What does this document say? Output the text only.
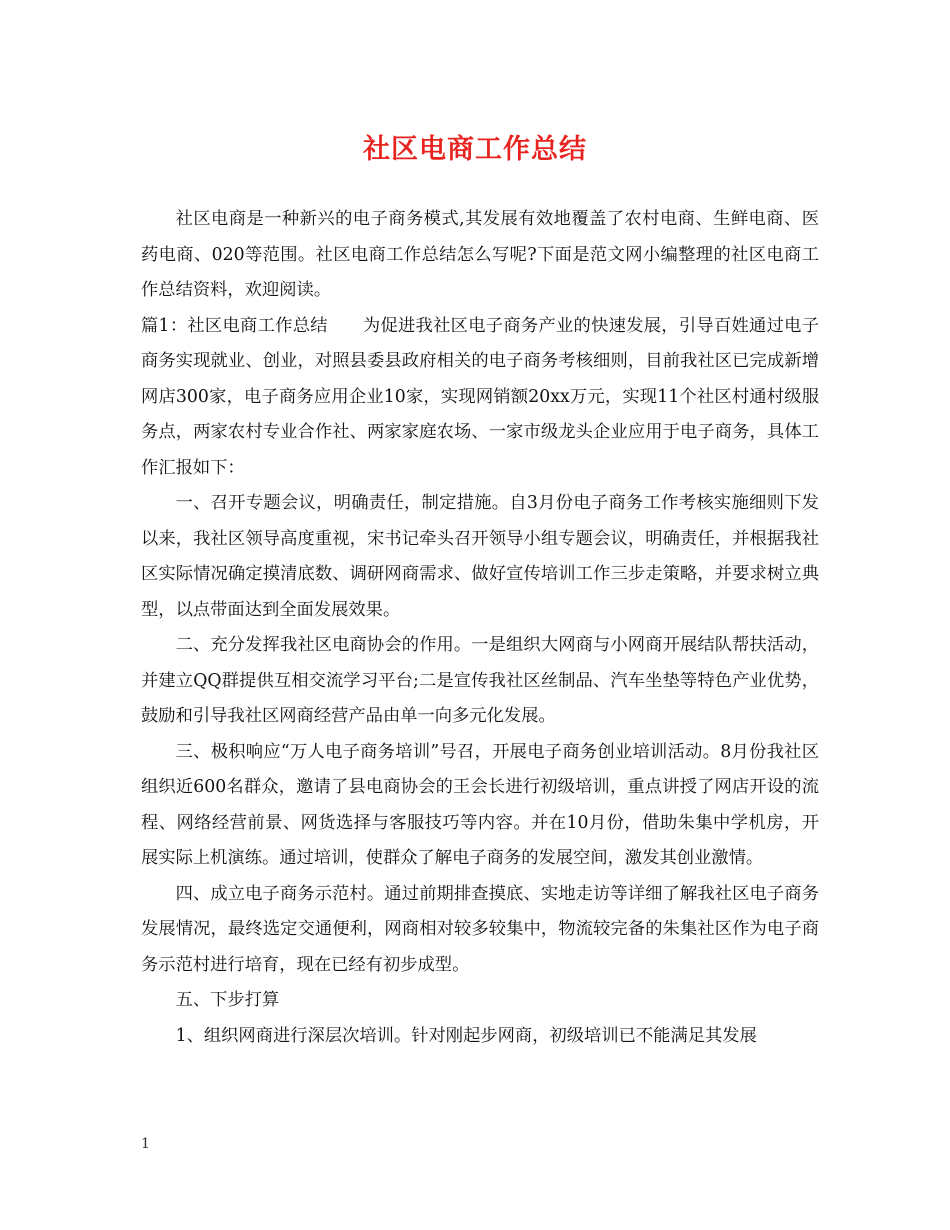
社区电商工作总结

社区电商是一种新兴的电子商务模式,其发展有效地覆盖了农村电商、生鲜电商、医药电商、020等范围。社区电商工作总结怎么写呢?下面是范文网小编整理的社区电商工作总结资料，欢迎阅读。

篇1：社区电商工作总结　　为促进我社区电子商务产业的快速发展，引导百姓通过电子商务实现就业、创业，对照县委县政府相关的电子商务考核细则，目前我社区已完成新增网店300家，电子商务应用企业10家，实现网销额20xx万元，实现11个社区村通村级服务点，两家农村专业合作社、两家家庭农场、一家市级龙头企业应用于电子商务，具体工作汇报如下：

一、召开专题会议，明确责任，制定措施。自3月份电子商务工作考核实施细则下发以来，我社区领导高度重视，宋书记牵头召开领导小组专题会议，明确责任，并根据我社区实际情况确定摸清底数、调研网商需求、做好宣传培训工作三步走策略，并要求树立典型，以点带面达到全面发展效果。

二、充分发挥我社区电商协会的作用。一是组织大网商与小网商开展结队帮扶活动，并建立QQ群提供互相交流学习平台;二是宣传我社区丝制品、汽车坐垫等特色产业优势，鼓励和引导我社区网商经营产品由单一向多元化发展。

三、极积响应“万人电子商务培训”号召，开展电子商务创业培训活动。8月份我社区组织近600名群众，邀请了县电商协会的王会长进行初级培训，重点讲授了网店开设的流程、网络经营前景、网货选择与客服技巧等内容。并在10月份，借助朱集中学机房，开展实际上机演练。通过培训，使群众了解电子商务的发展空间，激发其创业激情。

四、成立电子商务示范村。通过前期排查摸底、实地走访等详细了解我社区电子商务发展情况，最终选定交通便利，网商相对较多较集中，物流较完备的朱集社区作为电子商务示范村进行培育，现在已经有初步成型。

五、下步打算

1、组织网商进行深层次培训。针对刚起步网商，初级培训已不能满足其发展

1
